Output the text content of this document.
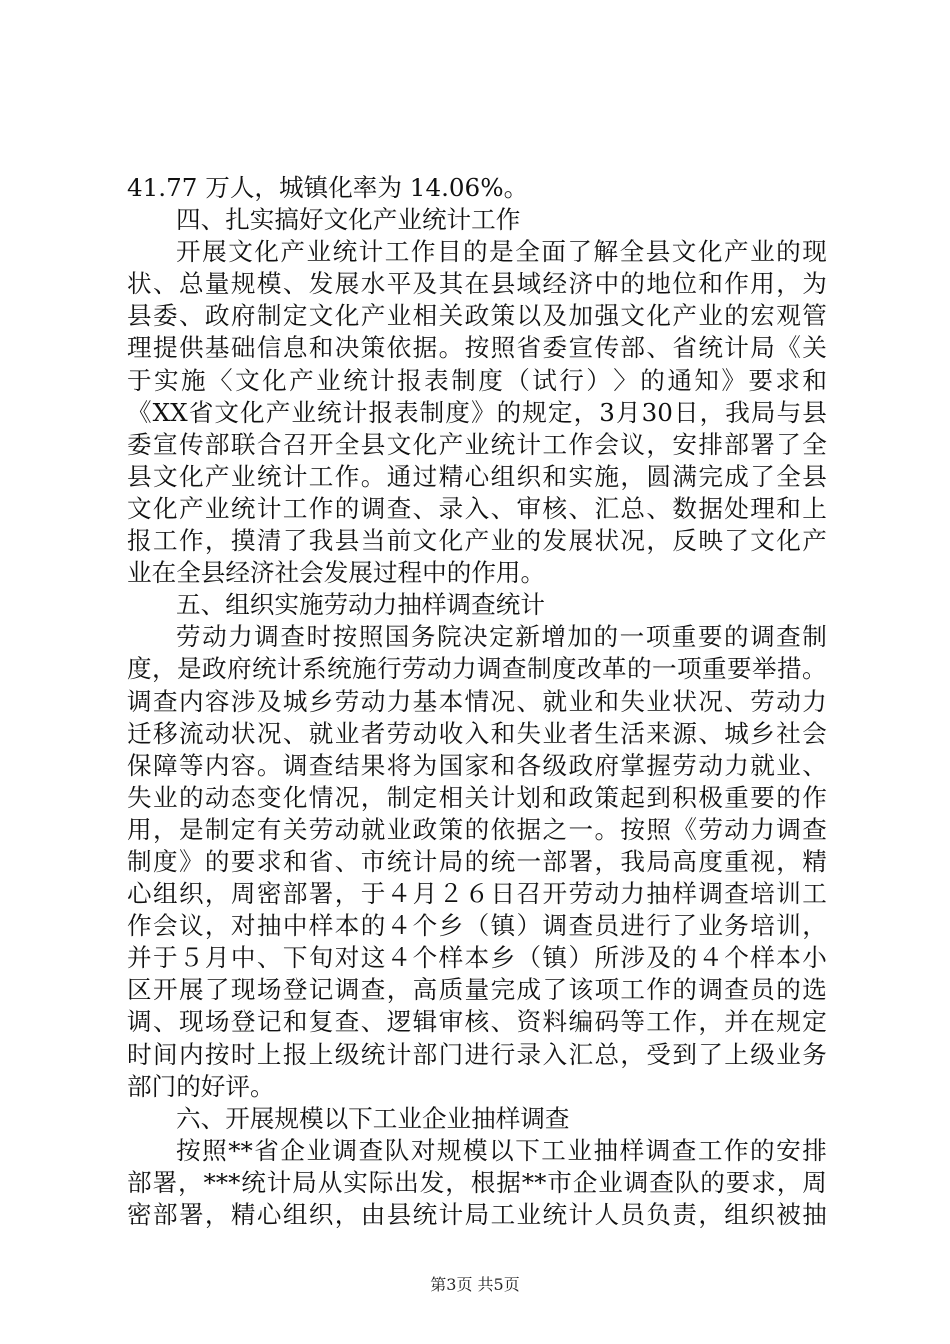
41.77 万人，城镇化率为 14.06%。
四、扎实搞好文化产业统计工作
开 展 文 化 产 业 统 计 工 作 目 的 是 全 面 了 解 全 县 文 化 产 业 的 现
状 、 总 量 规 模 、 发 展 水 平 及 其 在 县 域 经 济 中 的 地 位 和 作 用 ， 为
县 委 、 政 府 制 定 文 化 产 业 相 关 政 策 以 及 加 强 文 化 产 业 的 宏 观 管
理 提 供 基 础 信 息 和 决 策 依 据 。 按 照 省 委 宣 传 部 、 省 统 计 局 《 关
于 实 施 〈 文 化 产 业 统 计 报 表 制 度 （ 试 行 ） 〉 的 通 知 》 要 求 和
《 XX 省 文 化 产 业 统 计 报 表 制 度 》 的 规 定 ， 3 月 30 日 ， 我 局 与 县
委 宣 传 部 联 合 召 开 全 县 文 化 产 业 统 计 工 作 会 议 ， 安 排 部 署 了 全
县 文 化 产 业 统 计 工 作 。 通 过 精 心 组 织 和 实 施 ， 圆 满 完 成 了 全 县
文 化 产 业 统 计 工 作 的 调 查 、 录 入 、 审 核 、 汇 总 、 数 据 处 理 和 上
报 工 作 ， 摸 清 了 我 县 当 前 文 化 产 业 的 发 展 状 况 ， 反 映 了 文 化 产
业在全县经济社会发展过程中的作用。
五、组织实施劳动力抽样调查统计
劳 动 力 调 查 时 按 照 国 务 院 决 定 新 增 加 的 一 项 重 要 的 调 查 制
度 ， 是 政 府 统 计 系 统 施 行 劳 动 力 调 查 制 度 改 革 的 一 项 重 要 举 措 。
调 查 内 容 涉 及 城 乡 劳 动 力 基 本 情 况 、 就 业 和 失 业 状 况 、 劳 动 力
迁 移 流 动 状 况 、 就 业 者 劳 动 收 入 和 失 业 者 生 活 来 源 、 城 乡 社 会
保 障 等 内 容 。 调 查 结 果 将 为 国 家 和 各 级 政 府 掌 握 劳 动 力 就 业 、
失 业 的 动 态 变 化 情 况 ， 制 定 相 关 计 划 和 政 策 起 到 积 极 重 要 的 作
用 ， 是 制 定 有 关 劳 动 就 业 政 策 的 依 据 之 一 。 按 照 《 劳 动 力 调 查
制 度 》 的 要 求 和 省 、 市 统 计 局 的 统 一 部 署 ， 我 局 高 度 重 视 ， 精
心 组 织 ， 周 密 部 署 ， 于 ４ 月 ２ ６ 日 召 开 劳 动 力 抽 样 调 查 培 训 工
作 会 议 ， 对 抽 中 样 本 的 ４ 个 乡 （ 镇 ） 调 查 员 进 行 了 业 务 培 训 ，
并 于 ５ 月 中 、 下 旬 对 这 ４ 个 样 本 乡 （ 镇 ） 所 涉 及 的 ４ 个 样 本 小
区 开 展 了 现 场 登 记 调 查 ， 高 质 量 完 成 了 该 项 工 作 的 调 查 员 的 选
调 、 现 场 登 记 和 复 查 、 逻 辑 审 核 、 资 料 编 码 等 工 作 ， 并 在 规 定
时 间 内 按 时 上 报 上 级 统 计 部 门 进 行 录 入 汇 总 ， 受 到 了 上 级 业 务
部门的好评。
六、开展规模以下工业企业抽样调查
按 照 ** 省 企 业 调 查 队 对 规 模 以 下 工 业 抽 样 调 查 工 作 的 安 排
部 署 ， *** 统 计 局 从 实 际 出 发 ， 根 据 ** 市 企 业 调 查 队 的 要 求 ， 周
密 部 署 ， 精 心 组 织 ， 由 县 统 计 局 工 业 统 计 人 员 负 责 ， 组 织 被 抽
第3页 共5页
